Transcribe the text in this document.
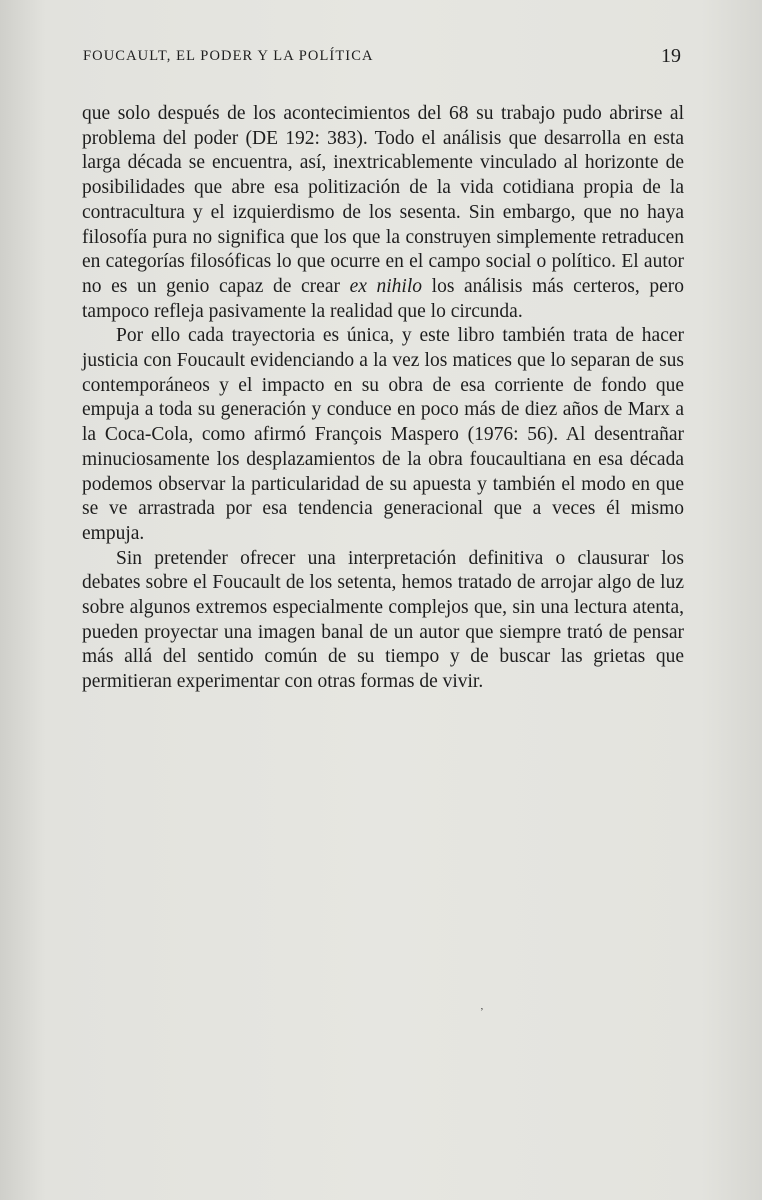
FOUCAULT, EL PODER Y LA POLÍTICA	19

que solo después de los acontecimientos del 68 su trabajo pudo abrirse al problema del poder (DE 192: 383). Todo el análisis que desarrolla en esta larga década se encuentra, así, inextricablemente vinculado al horizonte de posibilidades que abre esa politización de la vida cotidiana propia de la contracultura y el izquierdismo de los sesenta. Sin embargo, que no haya filosofía pura no significa que los que la construyen simplemente retraducen en categorías filosóficas lo que ocurre en el campo social o político. El autor no es un genio capaz de crear ex nihilo los análisis más certeros, pero tampoco refleja pasivamente la realidad que lo circunda.

Por ello cada trayectoria es única, y este libro también trata de hacer justicia con Foucault evidenciando a la vez los matices que lo separan de sus contemporáneos y el impacto en su obra de esa corriente de fondo que empuja a toda su generación y conduce en poco más de diez años de Marx a la Coca-Cola, como afirmó François Maspero (1976: 56). Al desentrañar minuciosamente los desplazamientos de la obra foucaultiana en esa década podemos observar la particularidad de su apuesta y también el modo en que se ve arrastrada por esa tendencia generacional que a veces él mismo empuja.

Sin pretender ofrecer una interpretación definitiva o clausurar los debates sobre el Foucault de los setenta, hemos tratado de arrojar algo de luz sobre algunos extremos especialmente complejos que, sin una lectura atenta, pueden proyectar una imagen banal de un autor que siempre trató de pensar más allá del sentido común de su tiempo y de buscar las grietas que permitieran experimentar con otras formas de vivir.

ʼ
